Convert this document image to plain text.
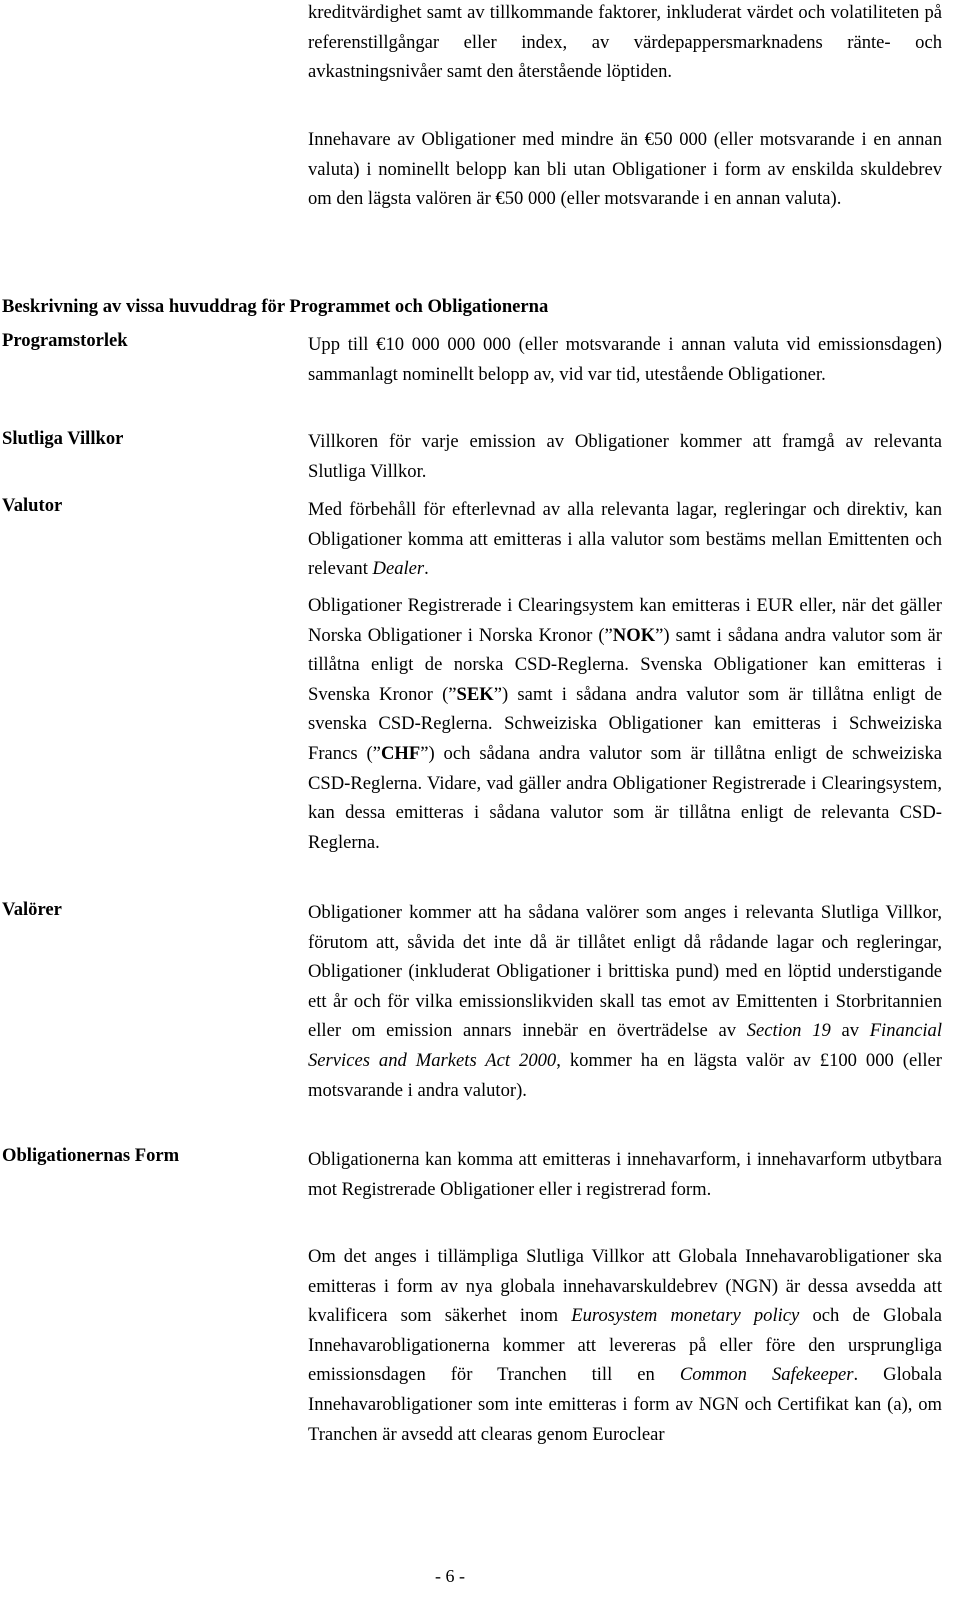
kreditvärdighet samt av tillkommande faktorer, inkluderat värdet och volatiliteten på referenstillgångar eller index, av värdepappersmarknadens ränte- och avkastningsnivåer samt den återstående löptiden.

Innehavare av Obligationer med mindre än €50 000 (eller motsvarande i en annan valuta) i nominellt belopp kan bli utan Obligationer i form av enskilda skuldebrev om den lägsta valören är €50 000 (eller motsvarande i en annan valuta).

Beskrivning av vissa huvuddrag för Programmet och Obligationerna

Programstorlek	Upp till €10 000 000 000 (eller motsvarande i annan valuta vid emissionsdagen) sammanlagt nominellt belopp av, vid var tid, utestående Obligationer.

Slutliga Villkor	Villkoren för varje emission av Obligationer kommer att framgå av relevanta Slutliga Villkor.

Valutor	Med förbehåll för efterlevnad av alla relevanta lagar, regleringar och direktiv, kan Obligationer komma att emitteras i alla valutor som bestäms mellan Emittenten och relevant Dealer.

Obligationer Registrerade i Clearingsystem kan emitteras i EUR eller, när det gäller Norska Obligationer i Norska Kronor (”NOK”) samt i sådana andra valutor som är tillåtna enligt de norska CSD-Reglerna. Svenska Obligationer kan emitteras i Svenska Kronor (”SEK”) samt i sådana andra valutor som är tillåtna enligt de svenska CSD-Reglerna. Schweiziska Obligationer kan emitteras i Schweiziska Francs (”CHF”) och sådana andra valutor som är tillåtna enligt de schweiziska CSD-Reglerna. Vidare, vad gäller andra Obligationer Registrerade i Clearingsystem, kan dessa emitteras i sådana valutor som är tillåtna enligt de relevanta CSD-Reglerna.

Valörer	Obligationer kommer att ha sådana valörer som anges i relevanta Slutliga Villkor, förutom att, såvida det inte då är tillåtet enligt då rådande lagar och regleringar, Obligationer (inkluderat Obligationer i brittiska pund) med en löptid understigande ett år och för vilka emissionslikviden skall tas emot av Emittenten i Storbritannien eller om emission annars innebär en överträdelse av Section 19 av Financial Services and Markets Act 2000, kommer ha en lägsta valör av £100 000 (eller motsvarande i andra valutor).

Obligationernas Form	Obligationerna kan komma att emitteras i innehavarform, i innehavarform utbytbara mot Registrerade Obligationer eller i registrerad form.

Om det anges i tillämpliga Slutliga Villkor att Globala Innehavarobligationer ska emitteras i form av nya globala innehavarskuldebrev (NGN) är dessa avsedda att kvalificera som säkerhet inom Eurosystem monetary policy och de Globala Innehavarobligationerna kommer att levereras på eller före den ursprungliga emissionsdagen för Tranchen till en Common Safekeeper. Globala Innehavarobligationer som inte emitteras i form av NGN och Certifikat kan (a), om Tranchen är avsedd att clearas genom Euroclear

- 6 -
